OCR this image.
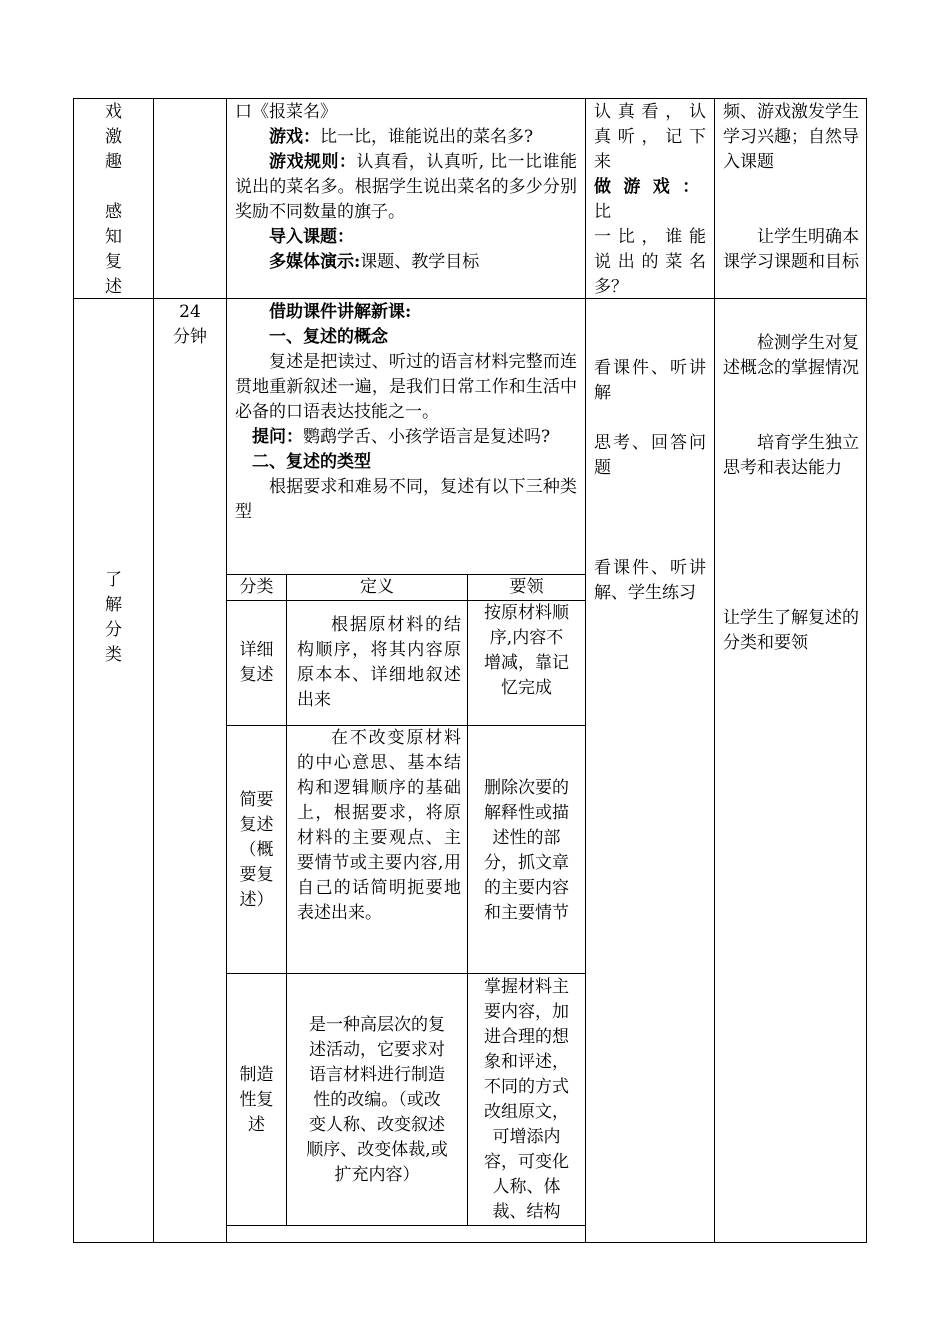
戏
激
趣
感
知
复
述

口《报菜名》

游戏：比一比，谁能说出的菜名多?

游戏规则：认真看，认真听, 比一比谁能说出的菜名多。根据学生说出菜名的多少分别奖励不同数量的旗子。

导入课题：

多媒体演示:课题、教学目标

认真看，认
真听，记下
来
做游戏：比
一比，谁能
说出的菜名
多？

频、游戏激发学生学习兴趣；自然导入课题

让学生明确本课学习课题和目标

了
解
分
类
24
分钟

借助课件讲解新课:

一、复述的概念

复述是把读过、听过的语言材料完整而连贯地重新叙述一遍，是我们日常工作和生活中必备的口语表达技能之一。

提问：鹦鹉学舌、小孩学语言是复述吗?

二、复述的类型

根据要求和难易不同，复述有以下三种类型

分类	定义	要领
详细
复述
根据原材料的结构顺序，将其内容原原本本、详细地叙述出来
按原材料顺
序,内容不
增减，靠记
忆完成
简要
复述
（概
要复
述）
在不改变原材料的中心意思、基本结构和逻辑顺序的基础上，根据要求，将原材料的主要观点、主要情节或主要内容,用自己的话简明扼要地表述出来。
删除次要的
解释性或描
述性的部
分，抓文章
的主要内容
和主要情节
制造
性复
述
是一种高层次的复
述活动，它要求对
语言材料进行制造
性的改编。（或改
变人称、改变叙述
顺序、改变体裁,或
扩充内容）
掌握材料主
要内容，加
进合理的想
象和评述，
不同的方式
改组原文，
可增添内
容，可变化
人称、体
裁、结构
看课件、听讲解
思考、回答问题
看课件、听讲解、学生练习
检测学生对复述概念的掌握情况
培育学生独立思考和表达能力
让学生了解复述的分类和要领
